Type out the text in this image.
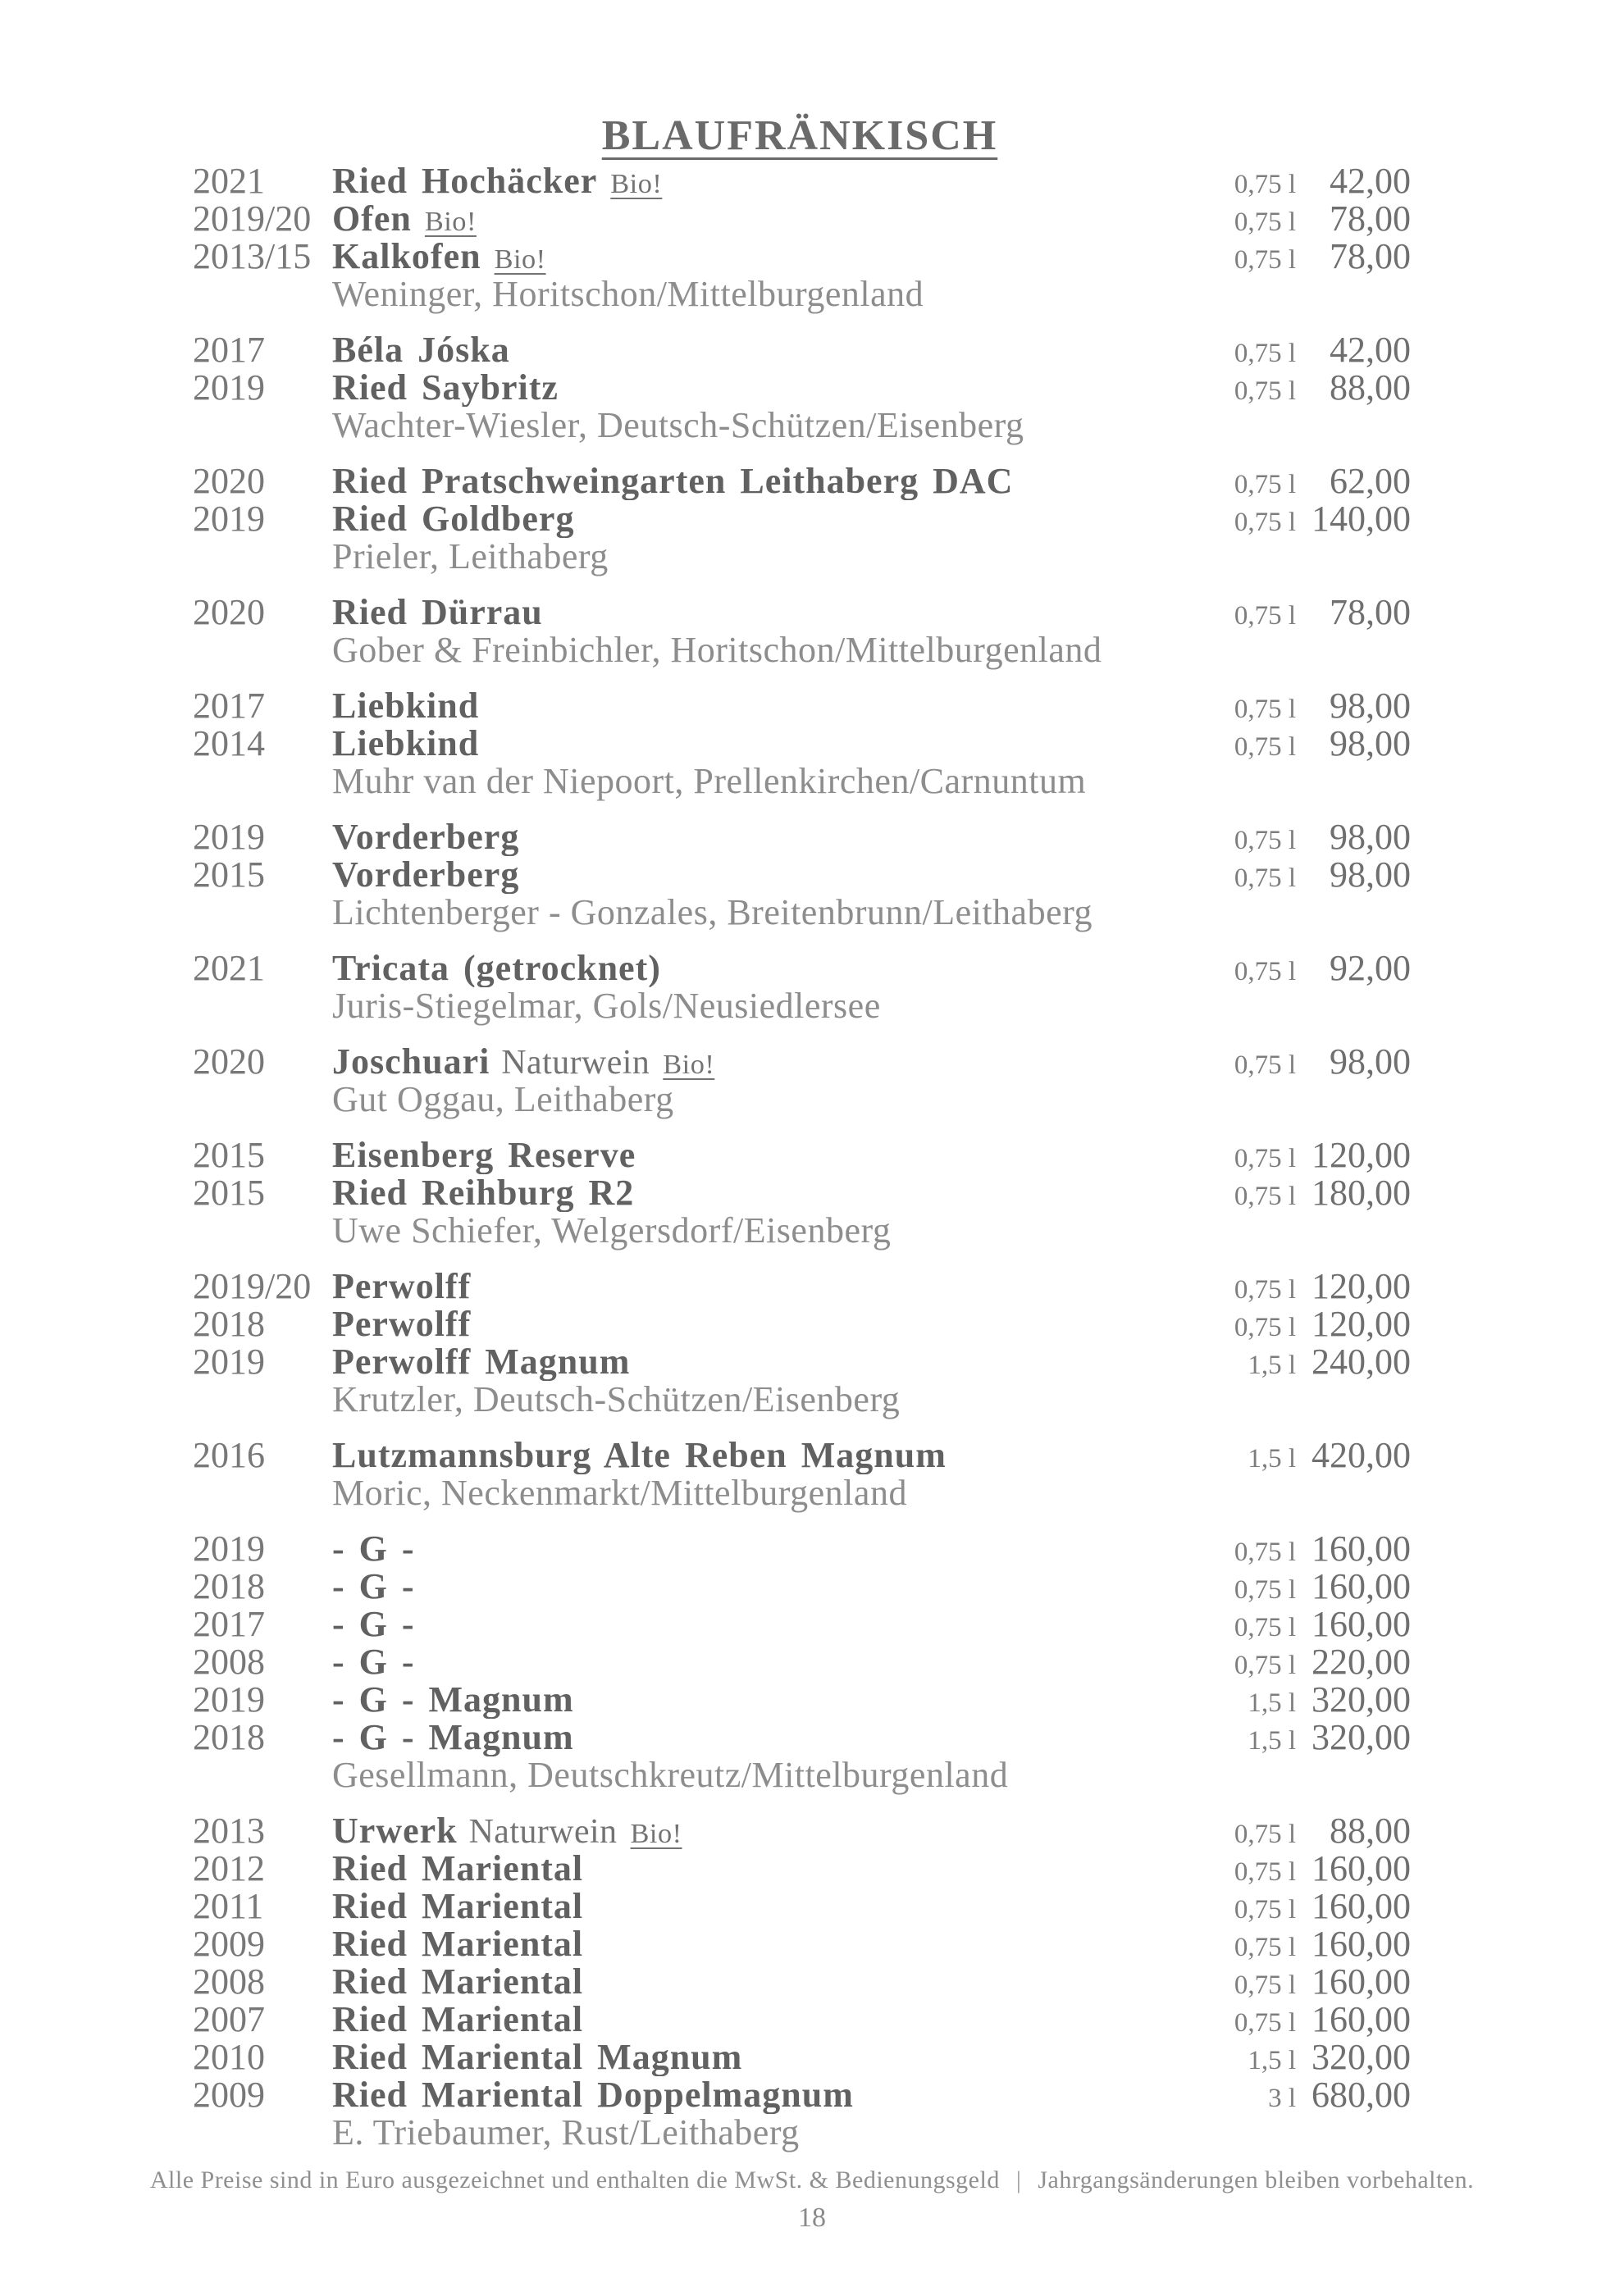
BLAUFRÄNKISCH
2021	Ried Hochäcker Bio!	0,75 l 42,00
2019/20 Ofen Bio!	0,75 l 78,00
2013/15 Kalkofen Bio!	0,75 l 78,00
Weninger, Horitschon/Mittelburgenland
2017	Béla Jóska	0,75 l 42,00
2019	Ried Saybritz	0,75 l 88,00
Wachter-Wiesler, Deutsch-Schützen/Eisenberg
2020	Ried Pratschweingarten Leithaberg DAC	0,75 l 62,00
2019	Ried Goldberg	0,75 l 140,00
Prieler, Leithaberg
2020	Ried Dürrau	0,75 l 78,00
Gober & Freinbichler, Horitschon/Mittelburgenland
2017	Liebkind	0,75 l 98,00
2014	Liebkind	0,75 l 98,00
Muhr van der Niepoort, Prellenkirchen/Carnuntum
2019	Vorderberg	0,75 l 98,00
2015	Vorderberg	0,75 l 98,00
Lichtenberger - Gonzales, Breitenbrunn/Leithaberg
2021	Tricata (getrocknet)	0,75 l 92,00
Juris-Stiegelmar, Gols/Neusiedlersee
2020	Joschuari Naturwein Bio!	0,75 l 98,00
Gut Oggau, Leithaberg
2015	Eisenberg Reserve	0,75 l 120,00
2015	Ried Reihburg R2	0,75 l 180,00
Uwe Schiefer, Welgersdorf/Eisenberg
2019/20 Perwolff	0,75 l 120,00
2018	Perwolff	0,75 l 120,00
2019	Perwolff Magnum	1,5 l 240,00
Krutzler, Deutsch-Schützen/Eisenberg
2016	Lutzmannsburg Alte Reben Magnum	1,5 l 420,00
Moric, Neckenmarkt/Mittelburgenland
2019	- G -	0,75 l 160,00
2018	- G -	0,75 l 160,00
2017	- G -	0,75 l 160,00
2008	- G -	0,75 l 220,00
2019	- G - Magnum	1,5 l 320,00
2018	- G - Magnum	1,5 l 320,00
Gesellmann, Deutschkreutz/Mittelburgenland
2013	Urwerk Naturwein Bio!	0,75 l 88,00
2012	Ried Mariental	0,75 l 160,00
2011	Ried Mariental	0,75 l 160,00
2009	Ried Mariental	0,75 l 160,00
2008	Ried Mariental	0,75 l 160,00
2007	Ried Mariental	0,75 l 160,00
2010	Ried Mariental Magnum	1,5 l 320,00
2009	Ried Mariental Doppelmagnum	3 l 680,00
E. Triebaumer, Rust/Leithaberg
Alle Preise sind in Euro ausgezeichnet und enthalten die MwSt. & Bedienungsgeld | Jahrgangsänderungen bleiben vorbehalten.
18
